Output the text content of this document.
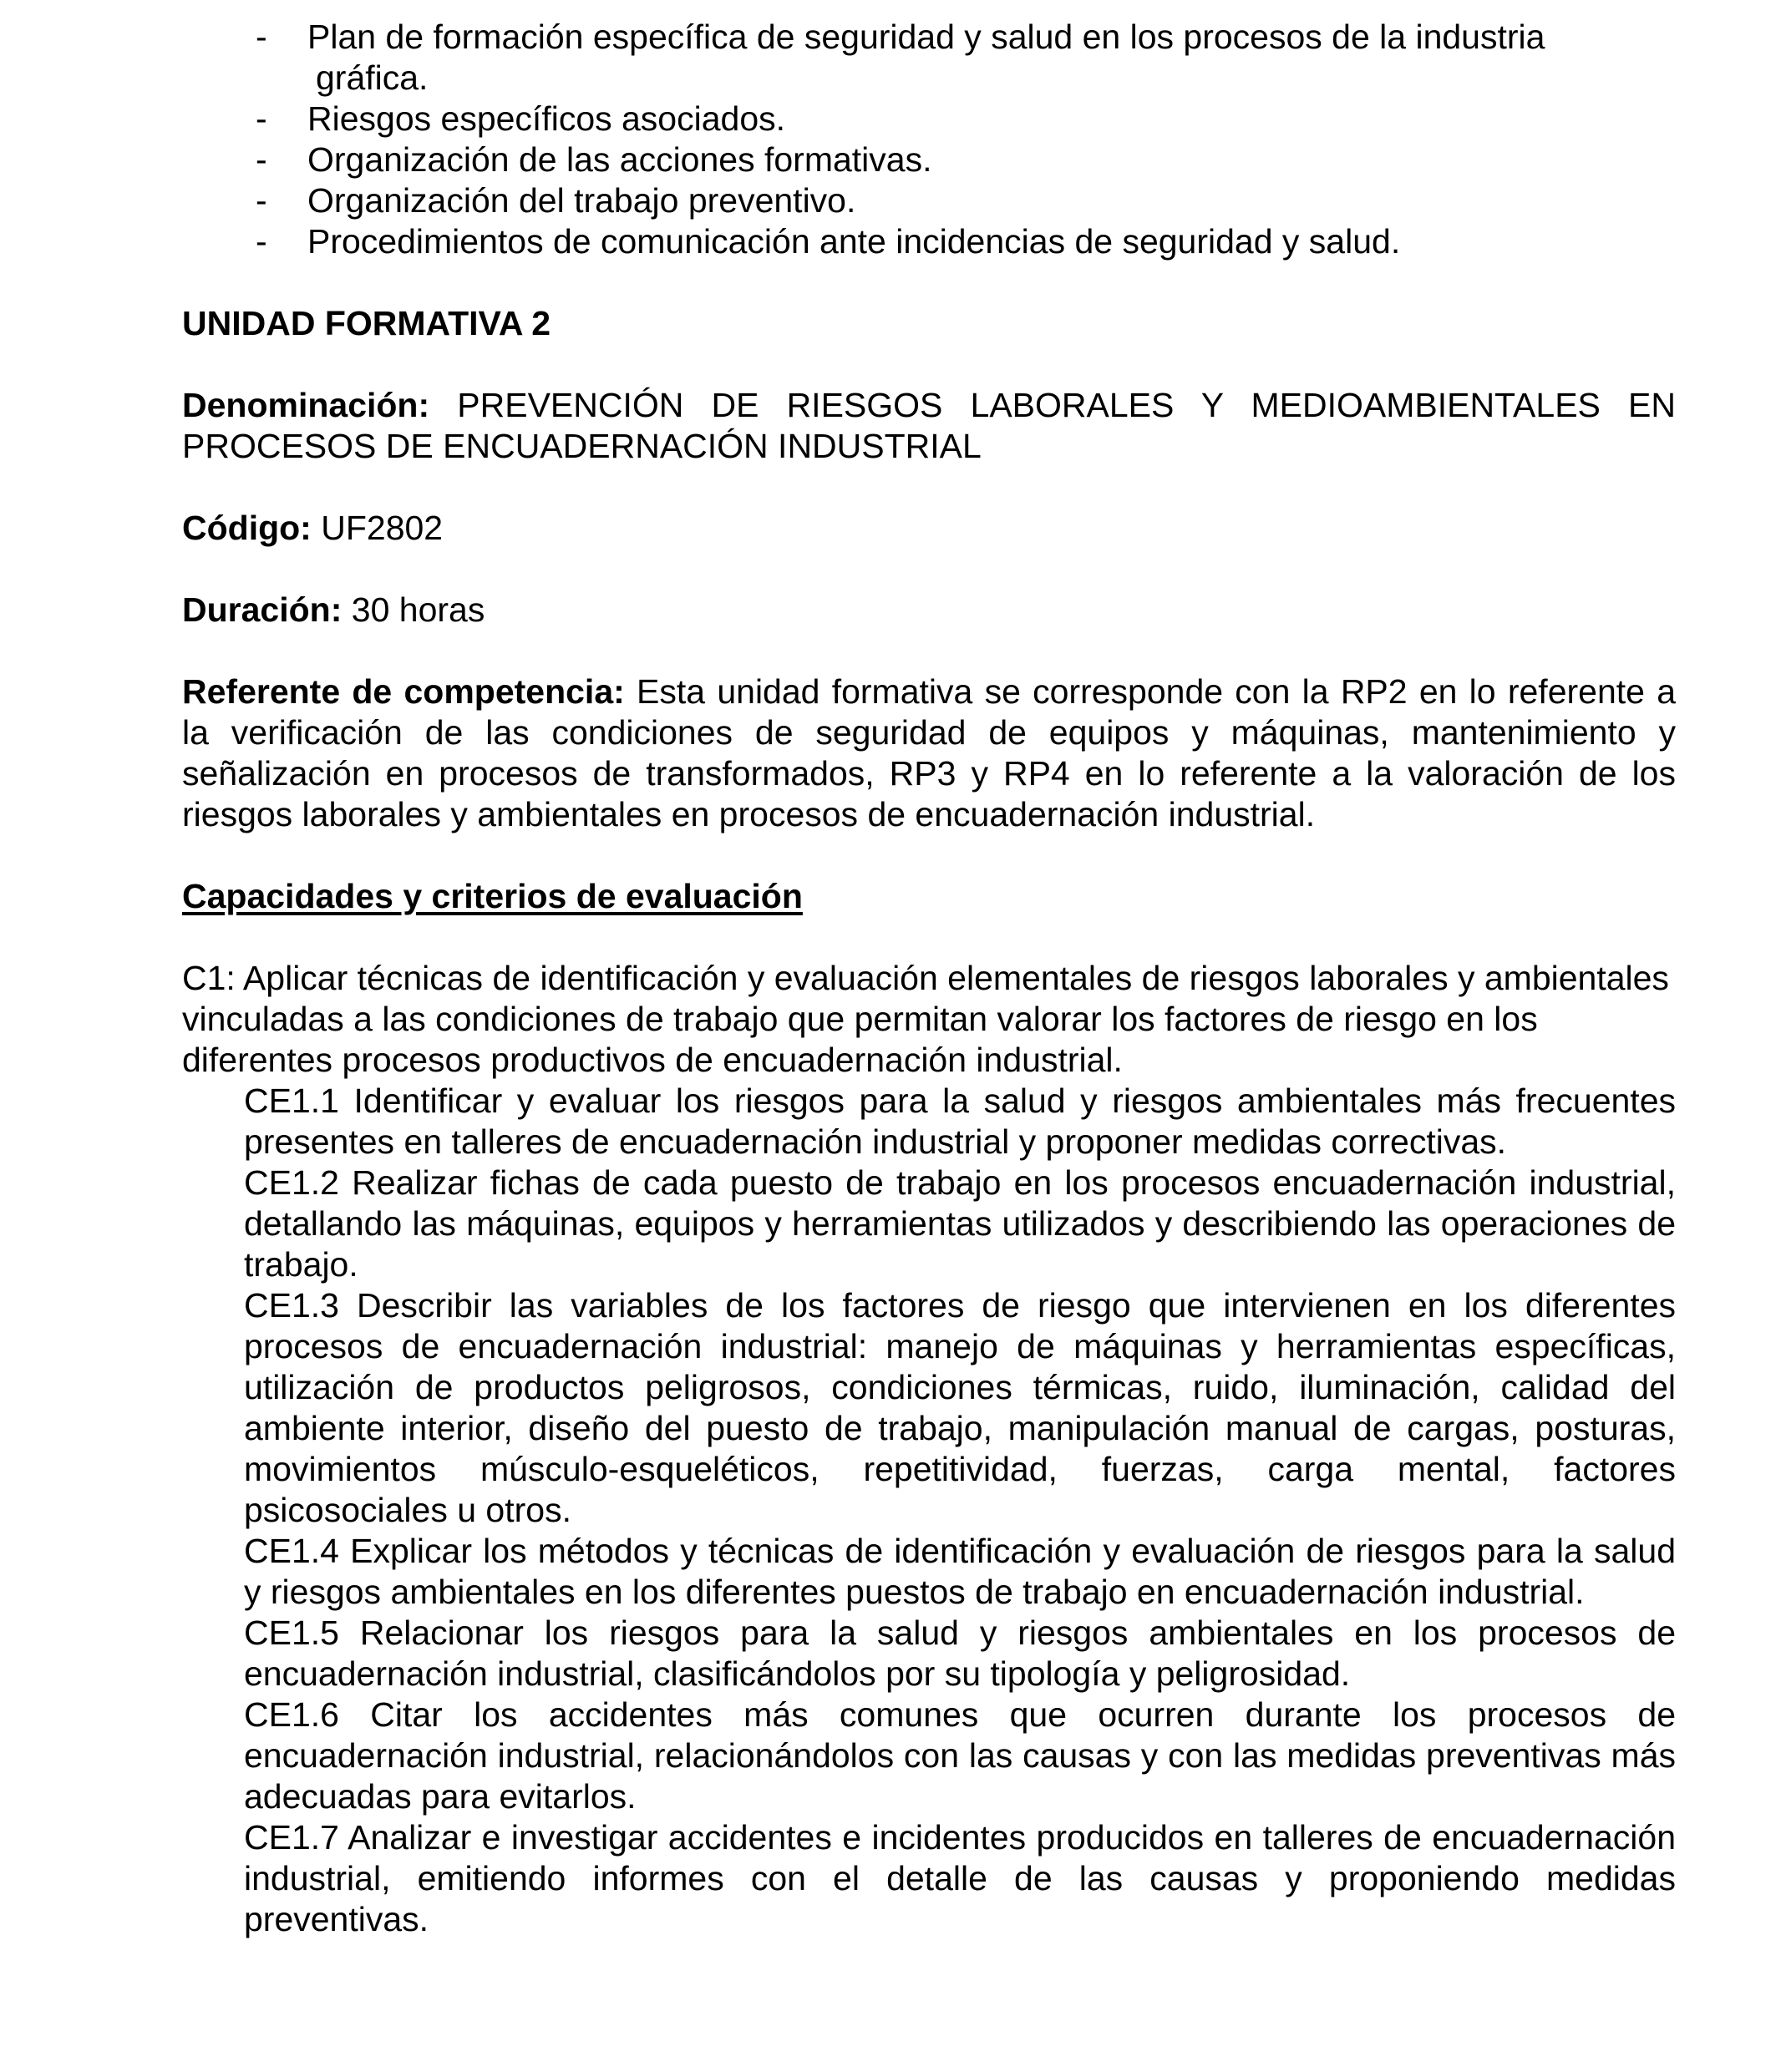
- Plan de formación específica de seguridad y salud en los procesos de la industria
gráfica.
- Riesgos específicos asociados.
- Organización de las acciones formativas.
- Organización del trabajo preventivo.
- Procedimientos de comunicación ante incidencias de seguridad y salud.

UNIDAD FORMATIVA 2

Denominación: PREVENCIÓN DE RIESGOS LABORALES Y MEDIOAMBIENTALES EN PROCESOS DE ENCUADERNACIÓN INDUSTRIAL

Código: UF2802

Duración: 30 horas

Referente de competencia: Esta unidad formativa se corresponde con la RP2 en lo referente a la verificación de las condiciones de seguridad de equipos y máquinas, mantenimiento y señalización en procesos de transformados, RP3 y RP4 en lo referente a la valoración de los riesgos laborales y ambientales en procesos de encuadernación industrial.

Capacidades y criterios de evaluación

C1: Aplicar técnicas de identificación y evaluación elementales de riesgos laborales y ambientales vinculadas a las condiciones de trabajo que permitan valorar los factores de riesgo en los diferentes procesos productivos de encuadernación industrial.

CE1.1 Identificar y evaluar los riesgos para la salud y riesgos ambientales más frecuentes presentes en talleres de encuadernación industrial y proponer medidas correctivas.

CE1.2 Realizar fichas de cada puesto de trabajo en los procesos encuadernación industrial, detallando las máquinas, equipos y herramientas utilizados y describiendo las operaciones de trabajo.

CE1.3 Describir las variables de los factores de riesgo que intervienen en los diferentes procesos de encuadernación industrial: manejo de máquinas y herramientas específicas, utilización de productos peligrosos, condiciones térmicas, ruido, iluminación, calidad del ambiente interior, diseño del puesto de trabajo, manipulación manual de cargas, posturas, movimientos músculo-esqueléticos, repetitividad, fuerzas, carga mental, factores psicosociales u otros.

CE1.4 Explicar los métodos y técnicas de identificación y evaluación de riesgos para la salud y riesgos ambientales en los diferentes puestos de trabajo en encuadernación industrial.

CE1.5 Relacionar los riesgos para la salud y riesgos ambientales en los procesos de encuadernación industrial, clasificándolos por su tipología y peligrosidad.

CE1.6 Citar los accidentes más comunes que ocurren durante los procesos de encuadernación industrial, relacionándolos con las causas y con las medidas preventivas más adecuadas para evitarlos.

CE1.7 Analizar e investigar accidentes e incidentes producidos en talleres de encuadernación industrial, emitiendo informes con el detalle de las causas y proponiendo medidas preventivas.
